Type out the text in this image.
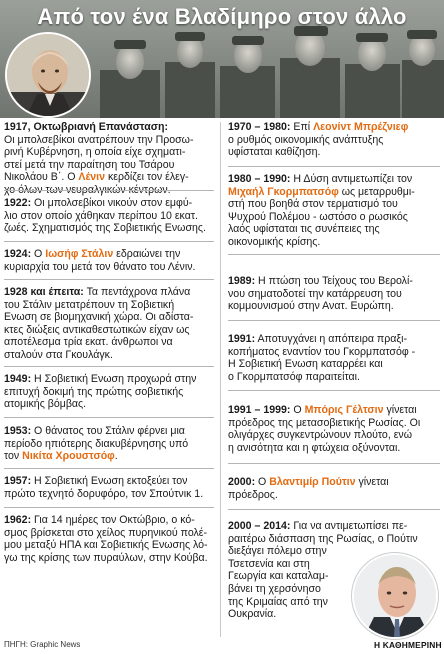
Από τον ένα Βλαδίμηρο στον άλλο
1917, Οκτωβριανή Επανάσταση:
Οι μπολσεβίκοι ανατρέπουν την Προσω-
ρινή Κυβέρνηση, η οποία είχε σχηματι-
στεί μετά την παραίτηση του Τσάρου
Νικολάου Β΄. Ο Λένιν κερδίζει τον έλεγ-
χο όλων των νευραλγικών κέντρων.
1922: Οι μπολσεβίκοι νικούν στον εμφύ-
λιο στον οποίο χάθηκαν περίπου 10 εκατ.
ζωές. Σχηματισμός της Σοβιετικής Ενωσης.
1924: O Ιωσήφ Στάλιν εδραιώνει την
κυριαρχία του μετά τον θάνατο του Λένιν.
1928 και έπειτα: Τα πεντάχρονα πλάνα
του Στάλιν μετατρέπουν τη Σοβιετική
Ενωση σε βιομηχανική χώρα. Οι αδίστα-
κτες διώξεις αντικαθεστωτικών είχαν ως
αποτέλεσμα τρία εκατ. άνθρωποι να
σταλούν στα Γκουλάγκ.
1949: Η Σοβιετική Ενωση προχωρά στην
επιτυχή δοκιμή της πρώτης σοβιετικής
ατομικής βόμβας.
1953: Ο θάνατος του Στάλιν φέρνει μια
περίοδο ηπιότερης διακυβέρνησης υπό
τον Νικίτα Χρουστσόφ.
1957: Η Σοβιετική Ενωση εκτοξεύει τον
πρώτο τεχνητό δορυφόρο, τον Σπούτνικ 1.
1962: Για 14 ημέρες τον Οκτώβριο, ο κό-
σμος βρίσκεται στο χείλος πυρηνικού πολέ-
μου μεταξύ ΗΠΑ και Σοβιετικής Ενωσης λό-
γω της κρίσης των πυραύλων, στην Κούβα.
1970 – 1980: Επί Λεονίντ Μπρέζνιεφ
ο ρυθμός οικονομικής ανάπτυξης
υφίσταται καθίζηση.
1980 – 1990: Η Δύση αντιμετωπίζει τον
Μιχαήλ Γκορμπατσόφ ως μεταρρυθμι-
στή που βοηθά στον τερματισμό του
Ψυχρού Πολέμου - ωστόσο ο ρωσικός
λαός υφίσταται τις συνέπειες της
οικονομικής κρίσης.
1989: Η πτώση του Τείχους του Βερολί-
νου σηματοδοτεί την κατάρρευση του
κομμουνισμού στην Ανατ. Ευρώπη.
1991: Αποτυγχάνει η απόπειρα πραξι-
κοπήματος εναντίον του Γκορμπατσόφ -
Η Σοβιετική Ενωση καταρρέει και
ο Γκορμπατσόφ παραιτείται.
1991 – 1999: Ο Μπόρις Γέλτσιν γίνεται
πρόεδρος της μετασοβιετικής Ρωσίας. Οι
ολιγάρχες συγκεντρώνουν πλούτο, ενώ
η ανισότητα και η φτώχεια οξύνονται.
2000: Ο Βλαντιμίρ Πούτιν γίνεται
πρόεδρος.
2000 – 2014: Για να αντιμετωπίσει πε-
ραιτέρω διάσπαση της Ρωσίας, ο Πούτιν
διεξάγει πόλεμο στην
Τσετσενία και στη
Γεωργία και καταλαμ-
βάνει τη χερσόνησο
της Κριμαίας από την
Ουκρανία.
ΠΗΓΗ: Graphic News	Η ΚΑΘΗΜΕΡΙΝΗ
